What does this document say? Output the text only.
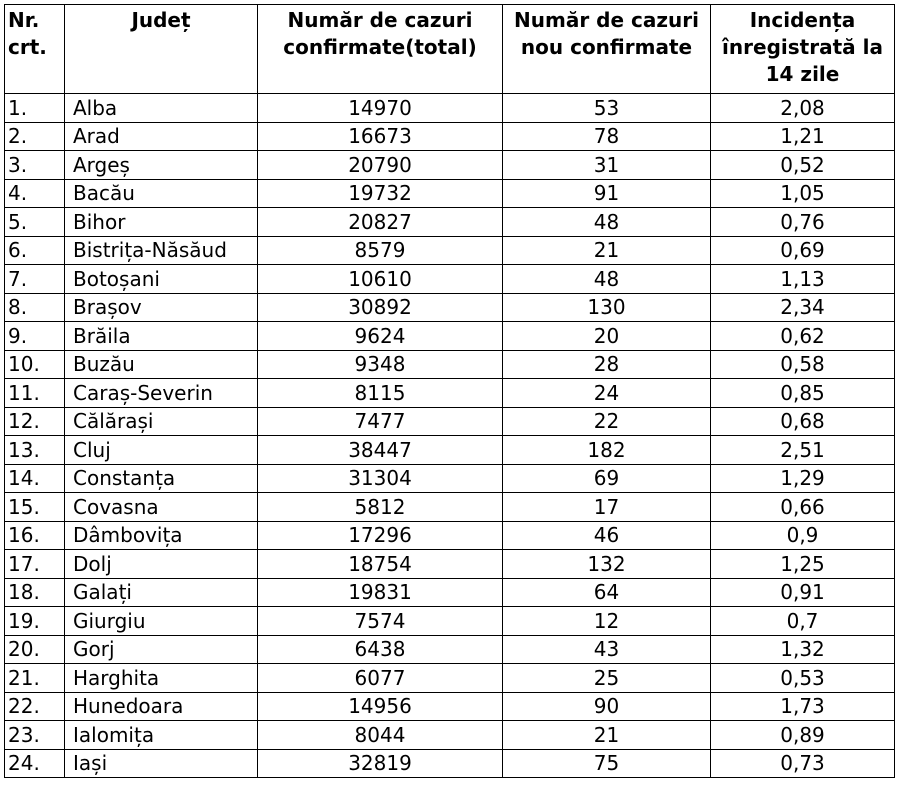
Nr. crt.	Județ	Număr de cazuri confirmate(total)	Număr de cazuri nou confirmate	Incidența înregistrată la 14 zile
1.	Alba	14970	53	2,08
2.	Arad	16673	78	1,21
3.	Argeș	20790	31	0,52
4.	Bacău	19732	91	1,05
5.	Bihor	20827	48	0,76
6.	Bistrița-Năsăud	8579	21	0,69
7.	Botoșani	10610	48	1,13
8.	Brașov	30892	130	2,34
9.	Brăila	9624	20	0,62
10.	Buzău	9348	28	0,58
11.	Caraș-Severin	8115	24	0,85
12.	Călărași	7477	22	0,68
13.	Cluj	38447	182	2,51
14.	Constanța	31304	69	1,29
15.	Covasna	5812	17	0,66
16.	Dâmbovița	17296	46	0,9
17.	Dolj	18754	132	1,25
18.	Galați	19831	64	0,91
19.	Giurgiu	7574	12	0,7
20.	Gorj	6438	43	1,32
21.	Harghita	6077	25	0,53
22.	Hunedoara	14956	90	1,73
23.	Ialomița	8044	21	0,89
24.	Iași	32819	75	0,73
